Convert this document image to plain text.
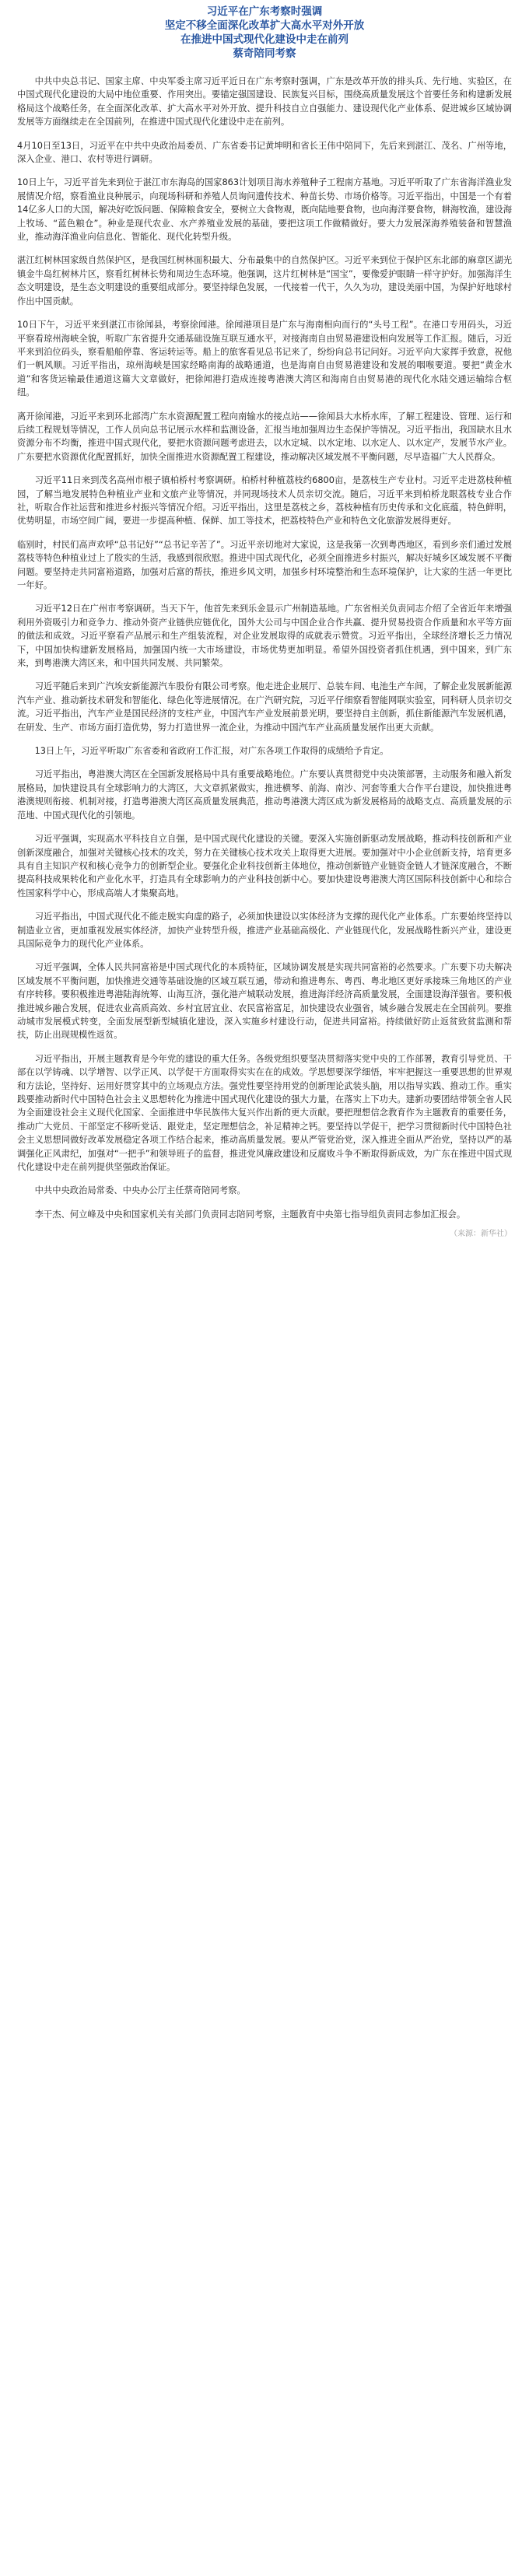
习近平在广东考察时强调
坚定不移全面深化改革扩大高水平对外开放
在推进中国式现代化建设中走在前列
蔡奇陪同考察

中共中央总书记、国家主席、中央军委主席习近平近日在广东考察时强调，广东是改革开放的排头兵、先行地、实验区，在中国式现代化建设的大局中地位重要、作用突出。要锚定强国建设、民族复兴目标，围绕高质量发展这个首要任务和构建新发展格局这个战略任务，在全面深化改革、扩大高水平对外开放、提升科技自立自强能力、建设现代化产业体系、促进城乡区域协调发展等方面继续走在全国前列，在推进中国式现代化建设中走在前列。

4月10日至13日，习近平在中共中央政治局委员、广东省委书记黄坤明和省长王伟中陪同下，先后来到湛江、茂名、广州等地，深入企业、港口、农村等进行调研。

10日上午，习近平首先来到位于湛江市东海岛的国家863计划项目海水养殖种子工程南方基地。习近平听取了广东省海洋渔业发展情况介绍，察看渔业良种展示，向现场科研和养殖人员询问遗传技术、种苗长势、市场价格等。习近平指出，中国是一个有着14亿多人口的大国，解决好吃饭问题、保障粮食安全，要树立大食物观，既向陆地要食物，也向海洋要食物，耕海牧渔，建设海上牧场、“蓝色粮仓”。种业是现代农业、水产养殖业发展的基础，要把这项工作做精做好。要大力发展深海养殖装备和智慧渔业，推动海洋渔业向信息化、智能化、现代化转型升级。

湛江红树林国家级自然保护区，是我国红树林面积最大、分布最集中的自然保护区。习近平来到位于保护区东北部的麻章区湖光镇金牛岛红树林片区，察看红树林长势和周边生态环境。他强调，这片红树林是“国宝”，要像爱护眼睛一样守护好。加强海洋生态文明建设，是生态文明建设的重要组成部分。要坚持绿色发展，一代接着一代干，久久为功，建设美丽中国，为保护好地球村作出中国贡献。

10日下午，习近平来到湛江市徐闻县，考察徐闻港。徐闻港项目是广东与海南相向而行的“头号工程”。在港口专用码头，习近平察看琼州海峡全貌，听取广东省提升交通基础设施互联互通水平，对接海南自由贸易港建设相向发展等工作汇报。随后，习近平来到泊位码头，察看船舶停靠、客运转运等。船上的旅客看见总书记来了，纷纷向总书记问好。习近平向大家挥手致意，祝他们一帆风顺。习近平指出，琼州海峡是国家经略南海的战略通道，也是海南自由贸易港建设和发展的咽喉要道。要把“黄金水道”和客货运输最佳通道这篇大文章做好，把徐闻港打造成连接粤港澳大湾区和海南自由贸易港的现代化水陆交通运输综合枢纽。

离开徐闻港，习近平来到环北部湾广东水资源配置工程向南输水的接点站——徐闻县大水桥水库，了解工程建设、管理、运行和后续工程规划等情况，工作人员向总书记展示水样和监测设备，汇报当地加强周边生态保护等情况。习近平指出，我国缺水且水资源分布不均衡，推进中国式现代化，要把水资源问题考虑进去，以水定城、以水定地、以水定人、以水定产，发展节水产业。广东要把水资源优化配置抓好，加快全面推进水资源配置工程建设，推动解决区域发展不平衡问题，尽早造福广大人民群众。

习近平11日来到茂名高州市根子镇柏桥村考察调研。柏桥村种植荔枝约6800亩，是荔枝生产专业村。习近平走进荔枝种植园，了解当地发展特色种植业产业和文旅产业等情况，并同现场技术人员亲切交流。随后，习近平来到柏桥龙眼荔枝专业合作社，听取合作社运营和推进乡村振兴等情况介绍。习近平指出，这里是荔枝之乡，荔枝种植有历史传承和文化底蕴，特色鲜明，优势明显，市场空间广阔，要进一步提高种植、保鲜、加工等技术，把荔枝特色产业和特色文化旅游发展得更好。

临别时，村民们高声欢呼“总书记好”“总书记辛苦了”。习近平亲切地对大家说，这是我第一次到粤西地区，看到乡亲们通过发展荔枝等特色种植业过上了殷实的生活，我感到很欣慰。推进中国式现代化，必须全面推进乡村振兴，解决好城乡区域发展不平衡问题。要坚持走共同富裕道路，加强对后富的帮扶，推进乡风文明，加强乡村环境整治和生态环境保护，让大家的生活一年更比一年好。

习近平12日在广州市考察调研。当天下午，他首先来到乐金显示广州制造基地。广东省相关负责同志介绍了全省近年来增强利用外资吸引力和竞争力、推动外资产业链供应链优化，国外大公司与中国企业合作共赢、提升贸易投资合作质量和水平等方面的做法和成效。习近平察看产品展示和生产组装流程，对企业发展取得的成就表示赞赏。习近平指出，全球经济增长乏力情况下，中国加快构建新发展格局，加强国内统一大市场建设，市场优势更加明显。希望外国投资者抓住机遇，到中国来，到广东来，到粤港澳大湾区来，和中国共同发展、共同繁荣。

习近平随后来到广汽埃安新能源汽车股份有限公司考察。他走进企业展厅、总装车间、电池生产车间，了解企业发展新能源汽车产业、推动新技术研发和智能化、绿色化等进展情况。在广汽研究院，习近平仔细察看智能网联实验室，同科研人员亲切交流。习近平指出，汽车产业是国民经济的支柱产业，中国汽车产业发展前景光明，要坚持自主创新，抓住新能源汽车发展机遇，在研发、生产、市场方面打造优势，努力打造世界一流企业，为推动中国汽车产业高质量发展作出更大贡献。

13日上午，习近平听取广东省委和省政府工作汇报，对广东各项工作取得的成绩给予肯定。

习近平指出，粤港澳大湾区在全国新发展格局中具有重要战略地位。广东要认真贯彻党中央决策部署，主动服务和融入新发展格局，加快建设具有全球影响力的大湾区，大文章抓紧做实，推进横琴、前海、南沙、河套等重大合作平台建设，加快推进粤港澳规则衔接、机制对接，打造粤港澳大湾区高质量发展典范，推动粤港澳大湾区成为新发展格局的战略支点、高质量发展的示范地、中国式现代化的引领地。

习近平强调，实现高水平科技自立自强，是中国式现代化建设的关键。要深入实施创新驱动发展战略，推动科技创新和产业创新深度融合，加强对关键核心技术的攻关，努力在关键核心技术攻关上取得更大进展。要加强对中小企业创新支持，培育更多具有自主知识产权和核心竞争力的创新型企业。要强化企业科技创新主体地位，推动创新链产业链资金链人才链深度融合，不断提高科技成果转化和产业化水平，打造具有全球影响力的产业科技创新中心。要加快建设粤港澳大湾区国际科技创新中心和综合性国家科学中心，形成高端人才集聚高地。

习近平指出，中国式现代化不能走脱实向虚的路子，必须加快建设以实体经济为支撑的现代化产业体系。广东要始终坚持以制造业立省，更加重视发展实体经济，加快产业转型升级，推进产业基础高级化、产业链现代化，发展战略性新兴产业，建设更具国际竞争力的现代化产业体系。

习近平强调，全体人民共同富裕是中国式现代化的本质特征，区域协调发展是实现共同富裕的必然要求。广东要下功夫解决区域发展不平衡问题，加快推进交通等基础设施的区域互联互通，带动和推进粤东、粤西、粤北地区更好承接珠三角地区的产业有序转移。要积极推进粤港陆海统筹、山海互济，强化港产城联动发展，推进海洋经济高质量发展，全面建设海洋强省。要积极推进城乡融合发展，促进农业高质高效、乡村宜居宜业、农民富裕富足，加快建设农业强省，城乡融合发展走在全国前列。要推动城市发展模式转变，全面发展型新型城镇化建设，深入实施乡村建设行动，促进共同富裕。持续做好防止返贫致贫监测和帮扶，防止出现规模性返贫。

习近平指出，开展主题教育是今年党的建设的重大任务。各级党组织要坚决贯彻落实党中央的工作部署，教育引导党员、干部在以学铸魂、以学增智、以学正风、以学促干方面取得实实在在的成效。学思想要深学细悟，牢牢把握这一重要思想的世界观和方法论，坚持好、运用好贯穿其中的立场观点方法。强党性要坚持用党的创新理论武装头脑，用以指导实践、推动工作。重实践要推动新时代中国特色社会主义思想转化为推进中国式现代化建设的强大力量，在落实上下功夫。建新功要团结带领全省人民为全面建设社会主义现代化国家、全面推进中华民族伟大复兴作出新的更大贡献。要把理想信念教育作为主题教育的重要任务，推动广大党员、干部坚定不移听党话、跟党走，坚定理想信念，补足精神之钙。要坚持以学促干，把学习贯彻新时代中国特色社会主义思想同做好改革发展稳定各项工作结合起来，推动高质量发展。要从严管党治党，深入推进全面从严治党，坚持以严的基调强化正风肃纪，加强对“一把手”和领导班子的监督，推进党风廉政建设和反腐败斗争不断取得新成效，为广东在推进中国式现代化建设中走在前列提供坚强政治保证。

中共中央政治局常委、中央办公厅主任蔡奇陪同考察。

李干杰、何立峰及中央和国家机关有关部门负责同志陪同考察，主题教育中央第七指导组负责同志参加汇报会。

（来源：新华社）
